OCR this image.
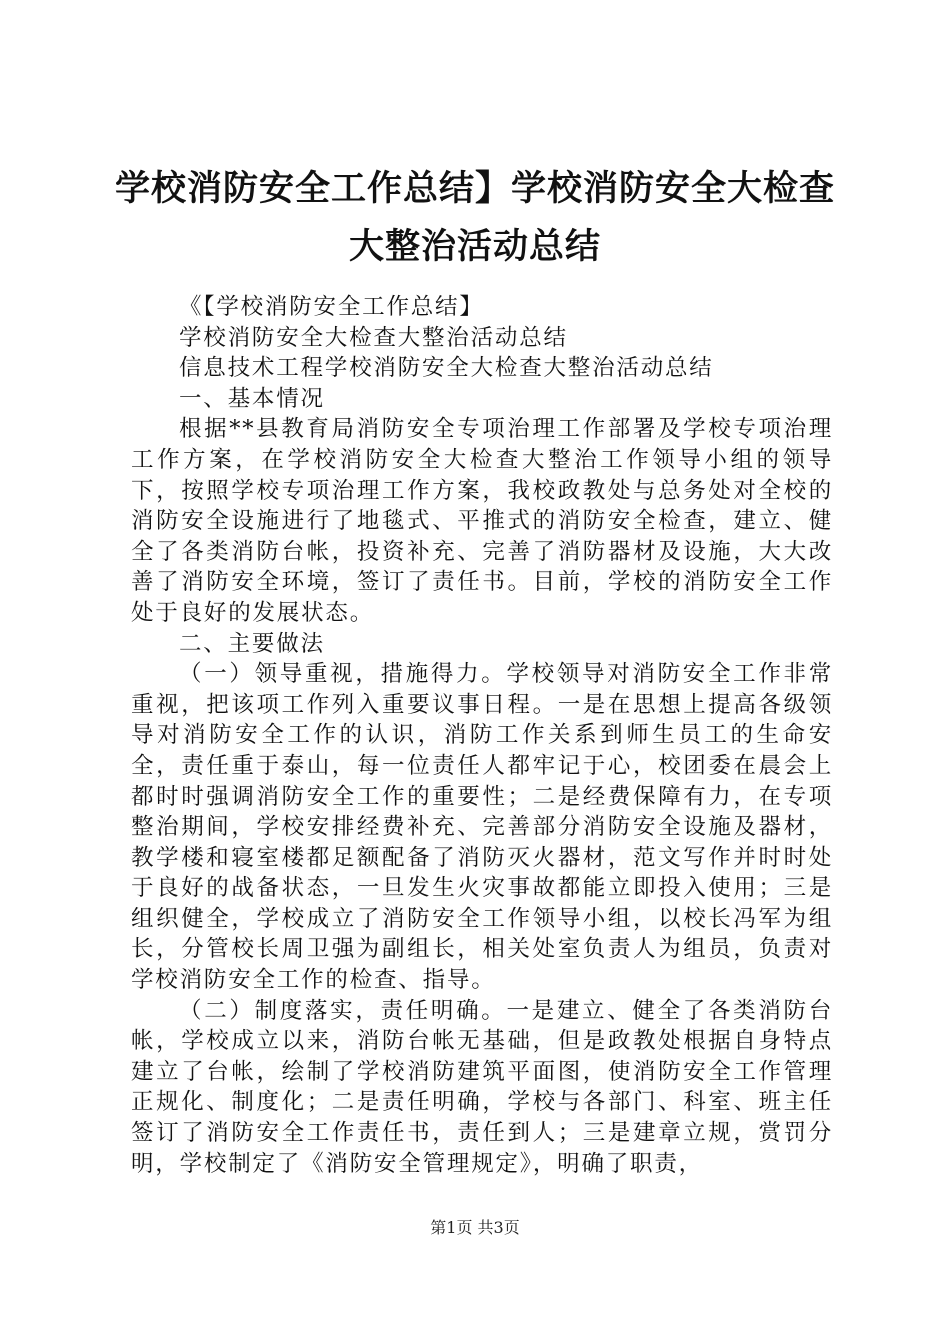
学校消防安全工作总结】学校消防安全大检查
大整治活动总结

《【学校消防安全工作总结】

学校消防安全大检查大整治活动总结

信息技术工程学校消防安全大检查大整治活动总结

一、基本情况

根据**县教育局消防安全专项治理工作部署及学校专项治理工作方案，在学校消防安全大检查大整治工作领导小组的领导下，按照学校专项治理工作方案，我校政教处与总务处对全校的消防安全设施进行了地毯式、平推式的消防安全检查，建立、健全了各类消防台帐，投资补充、完善了消防器材及设施，大大改善了消防安全环境，签订了责任书。目前，学校的消防安全工作处于良好的发展状态。

二、主要做法

（一）领导重视，措施得力。学校领导对消防安全工作非常重视，把该项工作列入重要议事日程。一是在思想上提高各级领导对消防安全工作的认识，消防工作关系到师生员工的生命安全，责任重于泰山，每一位责任人都牢记于心，校团委在晨会上都时时强调消防安全工作的重要性；二是经费保障有力，在专项整治期间，学校安排经费补充、完善部分消防安全设施及器材，教学楼和寝室楼都足额配备了消防灭火器材，范文写作并时时处于良好的战备状态，一旦发生火灾事故都能立即投入使用；三是组织健全，学校成立了消防安全工作领导小组，以校长冯军为组长，分管校长周卫强为副组长，相关处室负责人为组员，负责对学校消防安全工作的检查、指导。

（二）制度落实，责任明确。一是建立、健全了各类消防台帐，学校成立以来，消防台帐无基础，但是政教处根据自身特点建立了台帐，绘制了学校消防建筑平面图，使消防安全工作管理正规化、制度化；二是责任明确，学校与各部门、科室、班主任签订了消防安全工作责任书，责任到人；三是建章立规，赏罚分明，学校制定了《消防安全管理规定》，明确了职责，

第1页 共3页
